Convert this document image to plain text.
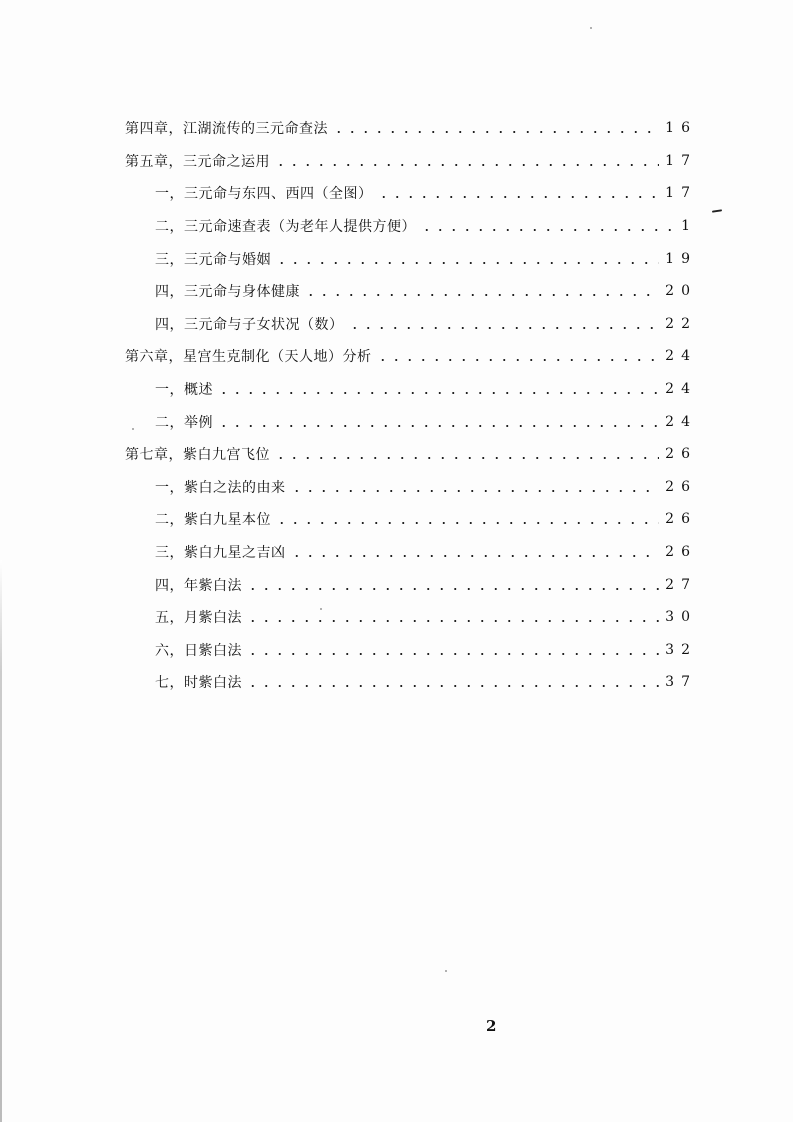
第四章，江湖流传的三元命查法	16
第五章，三元命之运用	17
一，三元命与东四、西四（全图）	17
二，三元命速查表（为老年人提供方便）	1
三，三元命与婚姻	19
四，三元命与身体健康	20
四，三元命与子女状况（数）	22
第六章，星宫生克制化（天人地）分析	24
一，概述	24
二，举例	24
第七章，紫白九宫飞位	26
一，紫白之法的由来	26
二，紫白九星本位	26
三，紫白九星之吉凶	26
四，年紫白法	27
五，月紫白法	30
六，日紫白法	32
七，时紫白法	37
2
